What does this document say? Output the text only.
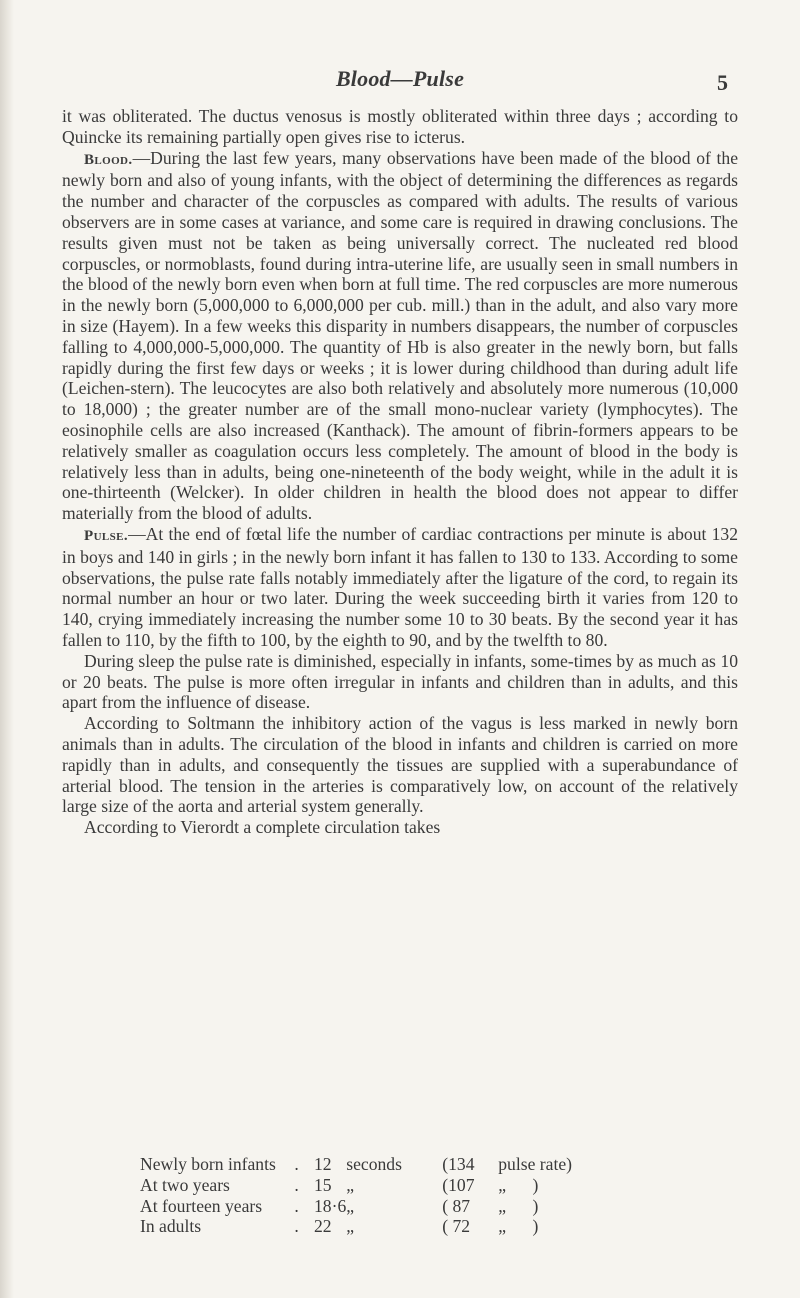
Blood—Pulse	5

it was obliterated. The ductus venosus is mostly obliterated within three days ; according to Quincke its remaining partially open gives rise to icterus.

Blood.—During the last few years, many observations have been made of the blood of the newly born and also of young infants, with the object of determining the differences as regards the number and character of the corpuscles as compared with adults. The results of various observers are in some cases at variance, and some care is required in drawing conclusions. The results given must not be taken as being universally correct. The nucleated red blood corpuscles, or normoblasts, found during intra-uterine life, are usually seen in small numbers in the blood of the newly born even when born at full time. The red corpuscles are more numerous in the newly born (5,000,000 to 6,000,000 per cub. mill.) than in the adult, and also vary more in size (Hayem). In a few weeks this disparity in numbers disappears, the number of corpuscles falling to 4,000,000-5,000,000. The quantity of Hb is also greater in the newly born, but falls rapidly during the first few days or weeks ; it is lower during childhood than during adult life (Leichen-stern). The leucocytes are also both relatively and absolutely more numerous (10,000 to 18,000) ; the greater number are of the small mono-nuclear variety (lymphocytes). The eosinophile cells are also increased (Kanthack). The amount of fibrin-formers appears to be relatively smaller as coagulation occurs less completely. The amount of blood in the body is relatively less than in adults, being one-nineteenth of the body weight, while in the adult it is one-thirteenth (Welcker). In older children in health the blood does not appear to differ materially from the blood of adults.

Pulse.—At the end of fœtal life the number of cardiac contractions per minute is about 132 in boys and 140 in girls ; in the newly born infant it has fallen to 130 to 133. According to some observations, the pulse rate falls notably immediately after the ligature of the cord, to regain its normal number an hour or two later. During the week succeeding birth it varies from 120 to 140, crying immediately increasing the number some 10 to 30 beats. By the second year it has fallen to 110, by the fifth to 100, by the eighth to 90, and by the twelfth to 80.

During sleep the pulse rate is diminished, especially in infants, some-times by as much as 10 or 20 beats. The pulse is more often irregular in infants and children than in adults, and this apart from the influence of disease.

According to Soltmann the inhibitory action of the vagus is less marked in newly born animals than in adults. The circulation of the blood in infants and children is carried on more rapidly than in adults, and consequently the tissues are supplied with a superabundance of arterial blood. The tension in the arteries is comparatively low, on account of the relatively large size of the aorta and arterial system generally.

According to Vierordt a complete circulation takes

Newly born infants	.	12	seconds	(134	pulse rate)
At two years	.	15	„	(107	„      )
At fourteen years	.	18·6	„	( 87	„      )
In adults	.	22	„	( 72	„      )
